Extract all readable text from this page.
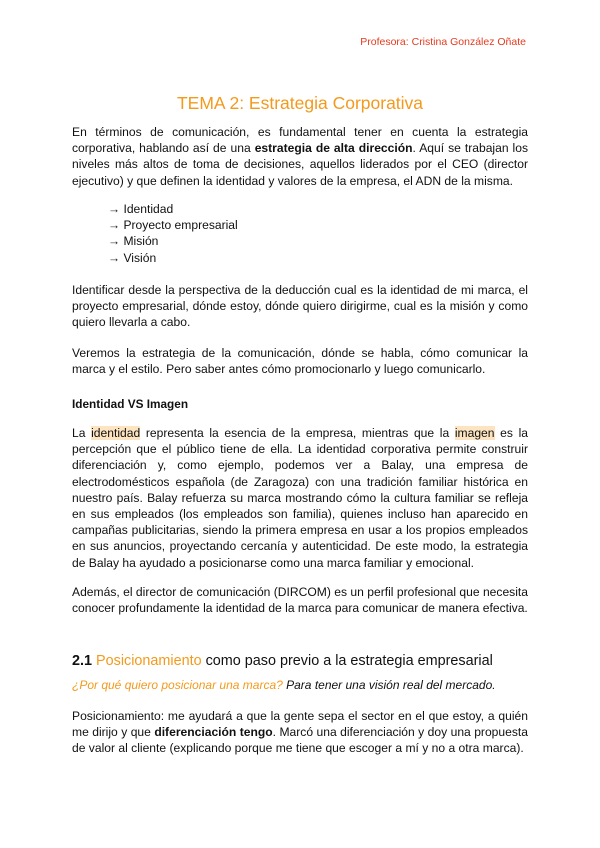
Profesora: Cristina González Oñate
TEMA 2: Estrategia Corporativa
En términos de comunicación, es fundamental tener en cuenta la estrategia corporativa, hablando así de una estrategia de alta dirección. Aquí se trabajan los niveles más altos de toma de decisiones, aquellos liderados por el CEO (director ejecutivo) y que definen la identidad y valores de la empresa, el ADN de la misma.
→ Identidad
→ Proyecto empresarial
→ Misión
→ Visión
Identificar desde la perspectiva de la deducción cual es la identidad de mi marca, el proyecto empresarial, dónde estoy, dónde quiero dirigirme, cual es la misión y como quiero llevarla a cabo.
Veremos la estrategia de la comunicación, dónde se habla, cómo comunicar la marca y el estilo. Pero saber antes cómo promocionarlo y luego comunicarlo.
Identidad VS Imagen
La identidad representa la esencia de la empresa, mientras que la imagen es la percepción que el público tiene de ella. La identidad corporativa permite construir diferenciación y, como ejemplo, podemos ver a Balay, una empresa de electrodomésticos española (de Zaragoza) con una tradición familiar histórica en nuestro país. Balay refuerza su marca mostrando cómo la cultura familiar se refleja en sus empleados (los empleados son familia), quienes incluso han aparecido en campañas publicitarias, siendo la primera empresa en usar a los propios empleados en sus anuncios, proyectando cercanía y autenticidad. De este modo, la estrategia de Balay ha ayudado a posicionarse como una marca familiar y emocional.
Además, el director de comunicación (DIRCOM) es un perfil profesional que necesita conocer profundamente la identidad de la marca para comunicar de manera efectiva.
2.1 Posicionamiento como paso previo a la estrategia empresarial
¿Por qué quiero posicionar una marca? Para tener una visión real del mercado.
Posicionamiento: me ayudará a que la gente sepa el sector en el que estoy, a quién me dirijo y que diferenciación tengo. Marcó una diferenciación y doy una propuesta de valor al cliente (explicando porque me tiene que escoger a mí y no a otra marca).
